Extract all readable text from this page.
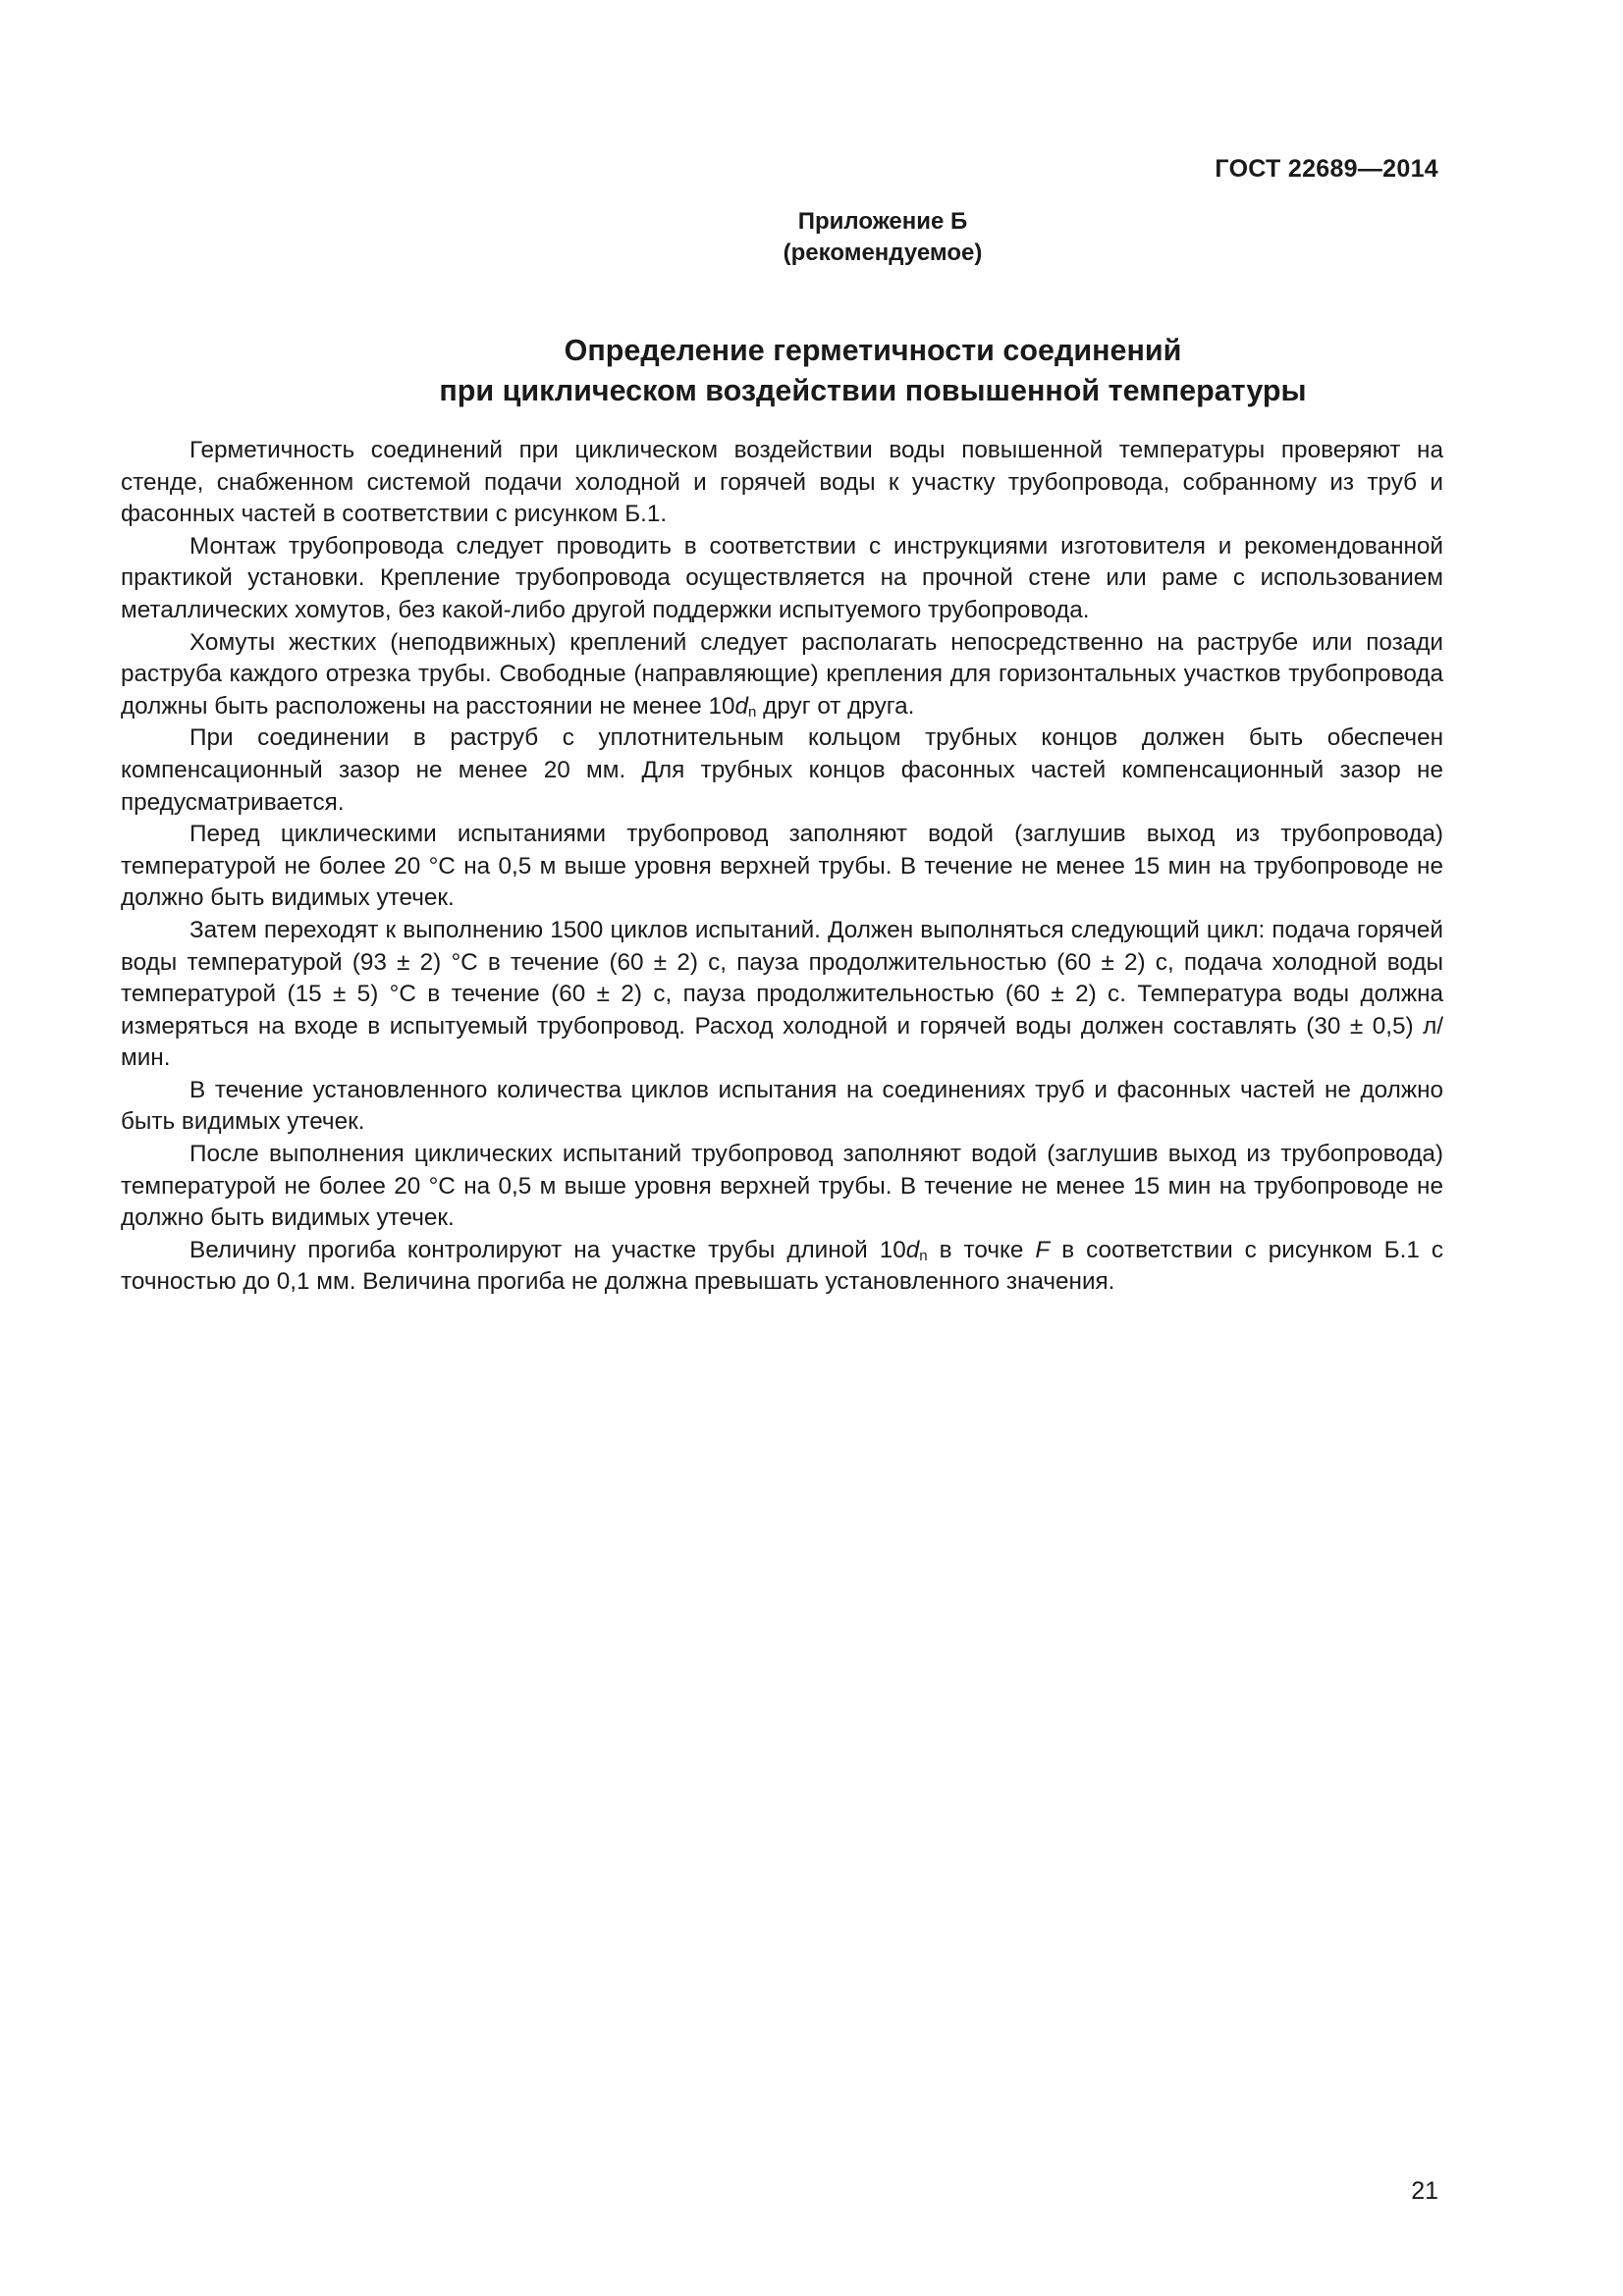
ГОСТ 22689—2014
Приложение Б
(рекомендуемое)
Определение герметичности соединений
при циклическом воздействии повышенной температуры

Герметичность соединений при циклическом воздействии воды повышенной температуры проверяют на стенде, снабженном системой подачи холодной и горячей воды к участку трубопровода, собранному из труб и фасонных частей в соответствии с рисунком Б.1.

Монтаж трубопровода следует проводить в соответствии с инструкциями изготовителя и рекомендованной практикой установки. Крепление трубопровода осуществляется на прочной стене или раме с использованием металлических хомутов, без какой-либо другой поддержки испытуемого трубопровода.

Хомуты жестких (неподвижных) креплений следует располагать непосредственно на раструбе или позади раструба каждого отрезка трубы. Свободные (направляющие) крепления для горизонтальных участков трубопровода должны быть расположены на расстоянии не менее $10d_n$ друг от друга.

При соединении в раструб с уплотнительным кольцом трубных концов должен быть обеспечен компенсационный зазор не менее 20 мм. Для трубных концов фасонных частей компенсационный зазор не предусматривается.

Перед циклическими испытаниями трубопровод заполняют водой (заглушив выход из трубопровода) температурой не более 20 °C на 0,5 м выше уровня верхней трубы. В течение не менее 15 мин на трубопроводе не должно быть видимых утечек.

Затем переходят к выполнению 1500 циклов испытаний. Должен выполняться следующий цикл: подача горячей воды температурой (93 ± 2) °C в течение (60 ± 2) с, пауза продолжительностью (60 ± 2) с, подача холодной воды температурой (15 ± 5) °C в течение (60 ± 2) с, пауза продолжительностью (60 ± 2) с. Температура воды должна измеряться на входе в испытуемый трубопровод. Расход холодной и горячей воды должен составлять (30 ± 0,5) л/мин.

В течение установленного количества циклов испытания на соединениях труб и фасонных частей не должно быть видимых утечек.

После выполнения циклических испытаний трубопровод заполняют водой (заглушив выход из трубопровода) температурой не более 20 °C на 0,5 м выше уровня верхней трубы. В течение не менее 15 мин на трубопроводе не должно быть видимых утечек.

Величину прогиба контролируют на участке трубы длиной $10d_n$ в точке F в соответствии с рисунком Б.1 с точностью до 0,1 мм. Величина прогиба не должна превышать установленного значения.

21
